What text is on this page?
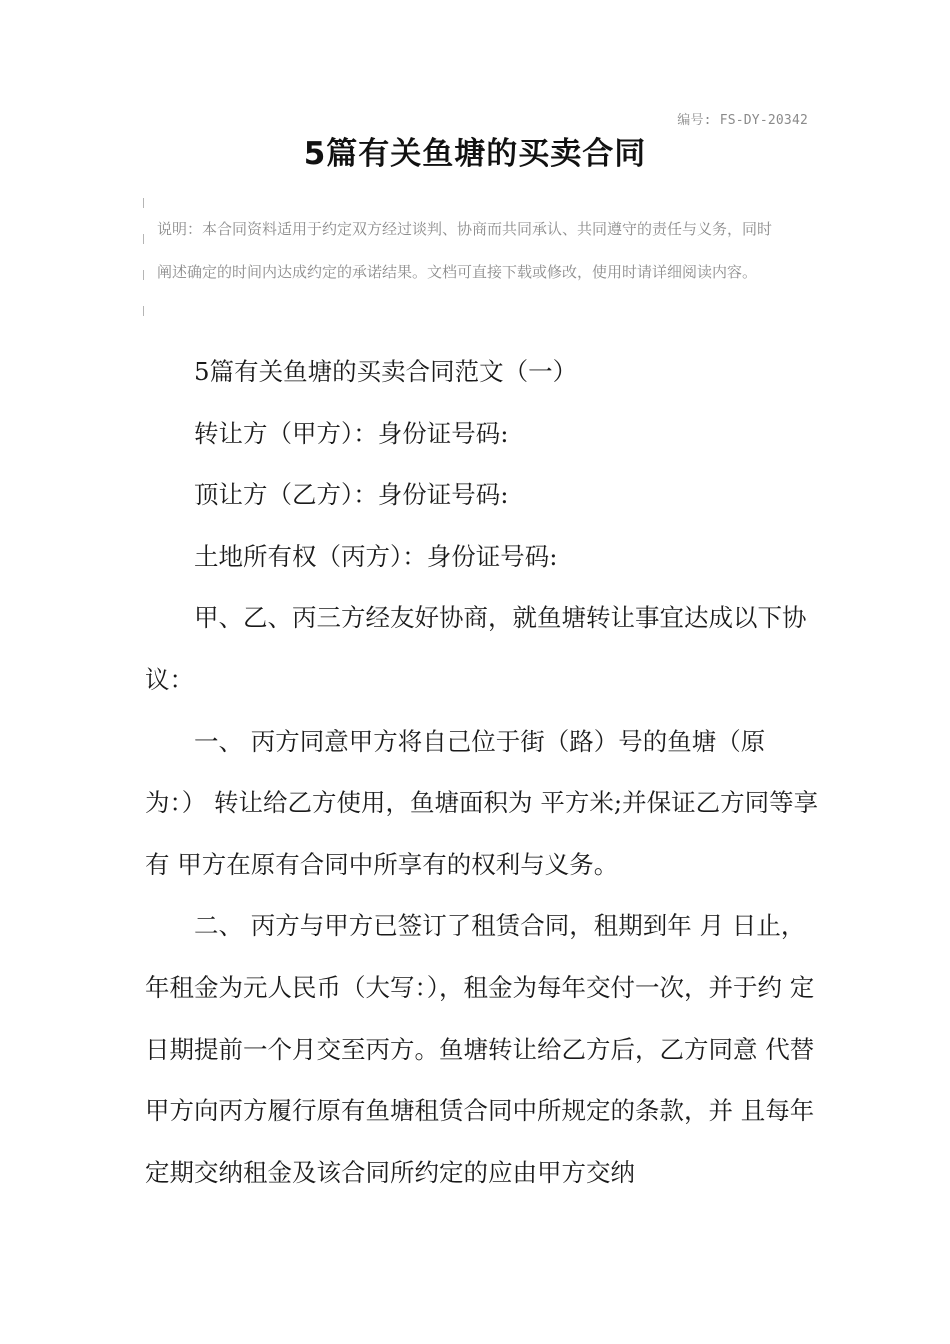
编号: FS-DY-20342
5篇有关鱼塘的买卖合同
说明：本合同资料适用于约定双方经过谈判、协商而共同承认、共同遵守的责任与义务，同时阐述确定的时间内达成约定的承诺结果。文档可直接下载或修改，使用时请详细阅读内容。

5篇有关鱼塘的买卖合同范文（一）

转让方（甲方）：身份证号码:

顶让方（乙方）：身份证号码:

土地所有权（丙方）：身份证号码:

甲、乙、丙三方经友好协商，就鱼塘转让事宜达成以下协议：

一、 丙方同意甲方将自己位于街（路）号的鱼塘（原为：） 转让给乙方使用，鱼塘面积为 平方米;并保证乙方同等享有 甲方在原有合同中所享有的权利与义务。

二、 丙方与甲方已签订了租赁合同，租期到年 月 日止， 年租金为元人民币（大写：），租金为每年交付一次，并于约 定日期提前一个月交至丙方。鱼塘转让给乙方后，乙方同意 代替甲方向丙方履行原有鱼塘租赁合同中所规定的条款，并 且每年定期交纳租金及该合同所约定的应由甲方交纳
